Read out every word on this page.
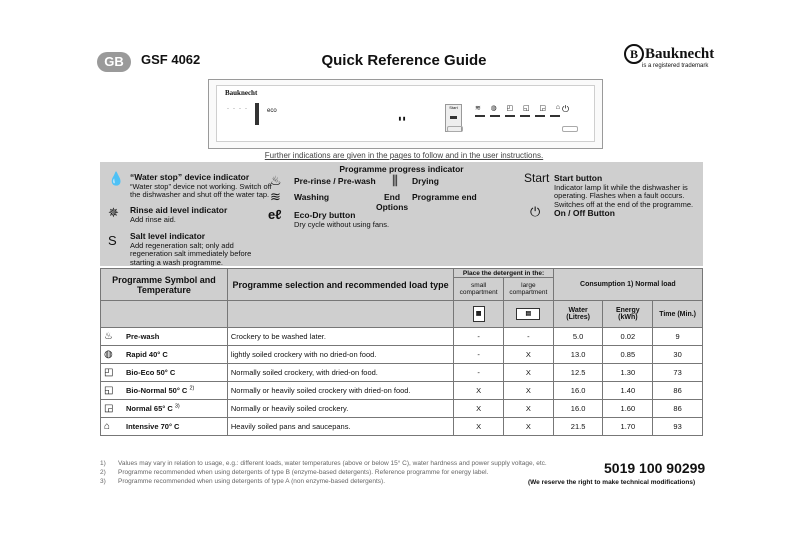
GB	GSF 4062	Quick Reference Guide	B Bauknecht
is a registered trademark
Bauknecht
· · · ·	eco
▮ ▮
Start	≋ ◍ ◰ ◱ ◲ ⌂ ⏻
Further indications are given in the pages to follow and in the user instructions.
Programme progress indicator
💧 “Water stop” device indicator
“Water stop” device not working. Switch off the dishwasher and shut off the water tap.
✵ Rinse aid level indicator
Add rinse aid.
S Salt level indicator
Add regeneration salt; only add regeneration salt immediately before starting a wash programme.
♨ Pre-rinse / Pre-wash
≋ Washing
⫼ Drying
End Options
Programme end
eℓ Eco-Dry button
Dry cycle without using fans.
Start Start button
Indicator lamp lit while the dishwasher is operating. Flashes when a fault occurs. Switches off at the end of the programme.
⏻ On / Off Button
Programme Symbol and Temperature	Programme selection and recommended load type	Place the detergent in the:		Consumption 1) Normal load		
		small compartment	large compartment			
		▦	▤	Water (Litres)	Energy (kWh)	Time (Min.)
♨ Pre-wash	Crockery to be washed later.	-	-	5.0	0.02	9
◍ Rapid 40° C	lightly soiled crockery with no dried-on food.	-	X	13.0	0.85	30
◰ Bio-Eco 50° C	Normally soiled crockery, with dried-on food.	-	X	12.5	1.30	73
◱ Bio-Normal 50° C $^{2)}$	Normally or heavily soiled crockery with dried-on food.	X	X	16.0	1.40	86
◲ Normal 65° C $^{3)}$	Normally or heavily soiled crockery.	X	X	16.0	1.60	86
⌂ Intensive 70° C	Heavily soiled pans and saucepans.	X	X	21.5	1.70	93
1) Values may vary in relation to usage, e.g.: different loads, water temperatures (above or below 15° C), water hardness and power supply voltage, etc.
2) Programme recommended when using detergents of type B (enzyme-based detergents). Reference programme for energy label.
3) Programme recommended when using detergents of type A (non enzyme-based detergents).
5019 100 90299
(We reserve the right to make technical modifications)
